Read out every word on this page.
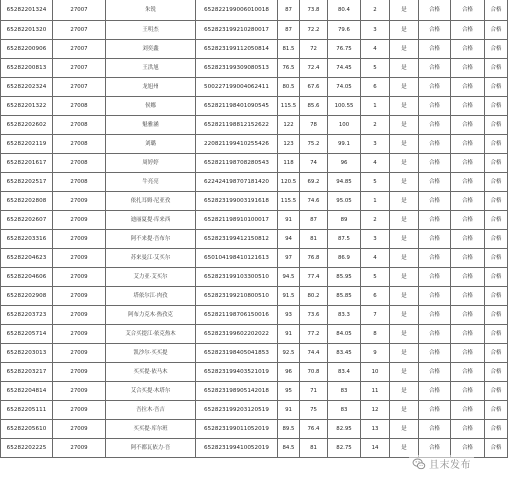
65282201324	27007	朱锐	652822199006010018	87	73.8	80.4	2	是	合格	合格	合格
65282201320	27007	王明杰	652823199210280017	87	72.2	79.6	3	是	合格	合格	合格
65282200906	27007	刘奕鑫	652823199112050814	81.5	72	76.75	4	是	合格	合格	合格
65282200813	27007	王洪旭	652823199309080513	76.5	72.4	74.45	5	是	合格	合格	合格
65282202324	27007	龙旭州	500227199004062411	80.5	67.6	74.05	6	是	合格	合格	合格
65282201322	27008	侯娜	652821198401090545	115.5	85.6	100.55	1	是	合格	合格	合格
65282202602	27008	魁雅涵	652821198812152622	122	78	100	2	是	合格	合格	合格
65282202119	27008	刘璐	220821199410255426	123	75.2	99.1	3	是	合格	合格	合格
65282201617	27008	周婷婷	652821198708280543	118	74	96	4	是	合格	合格	合格
65282202517	27008	牛亮亮	622424198707181420	120.5	69.2	94.85	5	是	合格	合格	合格
65282202808	27009	依扎耳姆·尼亚孜	652823199003191618	115.5	74.6	95.05	1	是	合格	合格	合格
65282202607	27009	迪丽夏提·库来西	652821198910100017	91	87	89	2	是	合格	合格	合格
65282203316	27009	阿不来提·吾布尔	652823199412150812	94	81	87.5	3	是	合格	合格	合格
65282204623	27009	苏来曼江·艾买尔	650104198410121613	97	76.8	86.9	4	是	合格	合格	合格
65282204606	27009	艾力亚·艾买尔	652823199103300510	94.5	77.4	85.95	5	是	合格	合格	合格
65282202908	27009	塔依尔江·肉孜	652823199210800510	91.5	80.2	85.85	6	是	合格	合格	合格
65282203723	27009	阿布力克木·热孜克	652821198706150016	93	73.6	83.3	7	是	合格	合格	合格
65282205714	27009	艾合买提江·依克热木	652823199602202022	91	77.2	84.05	8	是	合格	合格	合格
65282203013	27009	凯沙尔·买买提	652823198405041853	92.5	74.4	83.45	9	是	合格	合格	合格
65282203217	27009	买买提·依马木	652823199403521019	96	70.8	83.4	10	是	合格	合格	合格
65282204814	27009	艾合买提·木塔尔	652823198905142018	95	71	83	11	是	合格	合格	合格
65282205111	27009	吾拉木·吾吉	652823199203120519	91	75	83	12	是	合格	合格	合格
65282205610	27009	买买提·库尔班	652823199011052019	89.5	76.4	82.95	13	是	合格	合格	合格
65282202225	27009	阿不都瓦依力·吾	652823199410052019	84.5	81	82.75	14	是	合格	合格	合格
且末发布
